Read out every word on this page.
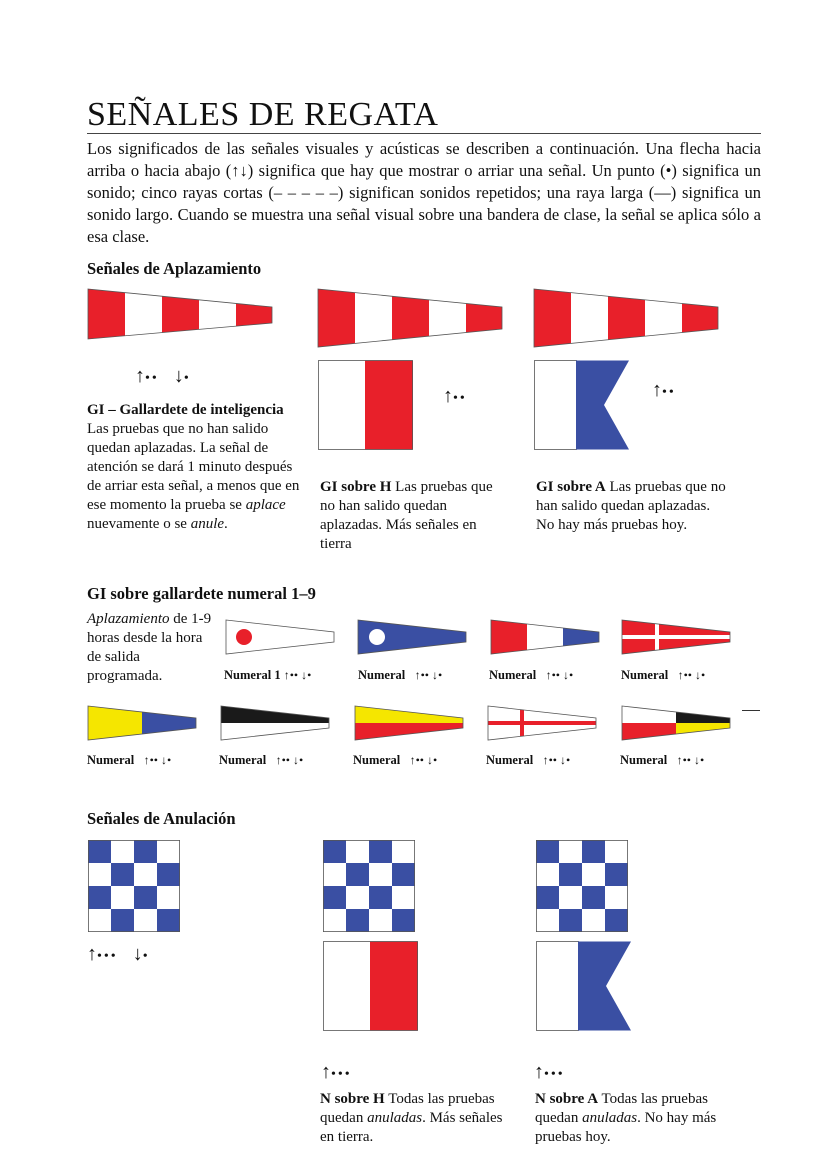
SEÑALES DE REGATA
Los significados de las señales visuales y acústicas se describen a continuación. Una flecha hacia arriba o hacia abajo (↑↓) significa que hay que mostrar o arriar una señal. Un punto (•) significa un sonido; cinco rayas cortas (– – – – –) significan sonidos repetidos; una raya larga (—) significa un sonido largo. Cuando se muestra una señal visual sobre una bandera de clase, la señal se aplica sólo a esa clase.
Señales de Aplazamiento
↑•• ↓•
GI – Gallardete de inteligencia
Las pruebas que no han salido quedan aplazadas. La señal de atención se dará 1 minuto después de arriar esta señal, a menos que en ese momento la prueba se aplace nuevamente o se anule.
↑••
GI sobre H Las pruebas que no han salido quedan aplazadas. Más señales en tierra
↑••
GI sobre A Las pruebas que no han salido quedan aplazadas. No hay más pruebas hoy.
GI sobre gallardete numeral 1–9
Aplazamiento de 1-9 horas desde la hora de salida programada.	Numeral 1 ↑•• ↓•	Numeral ↑•• ↓•	Numeral ↑•• ↓•	Numeral ↑•• ↓•
Numeral ↑•• ↓•	Numeral ↑•• ↓•	Numeral ↑•• ↓•	Numeral ↑•• ↓•	Numeral ↑•• ↓•
Señales de Anulación
↑••• ↓•
↑•••
N sobre H Todas las pruebas quedan anuladas. Más señales en tierra.
↑•••
N sobre A Todas las pruebas quedan anuladas. No hay más pruebas hoy.
